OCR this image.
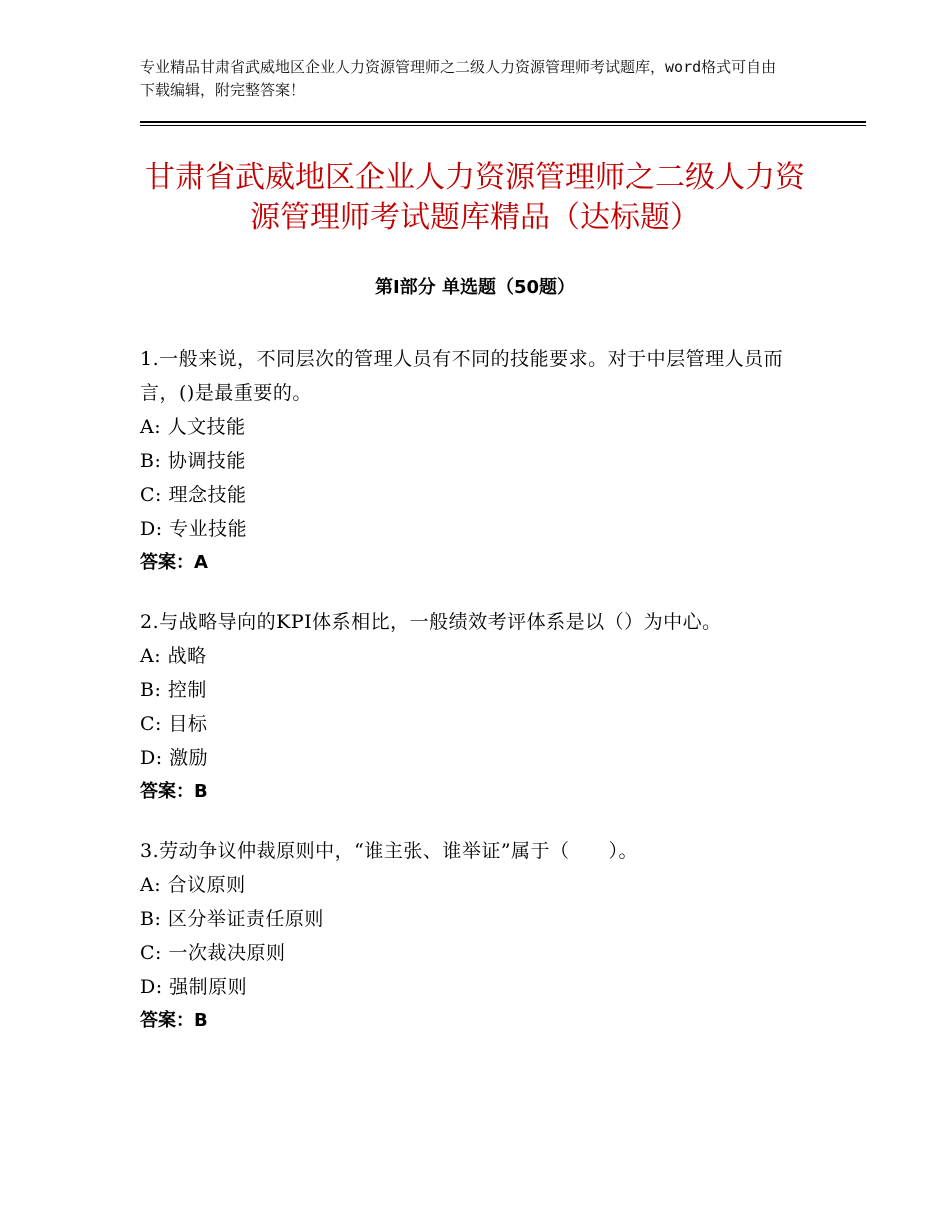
专业精品甘肃省武威地区企业人力资源管理师之二级人力资源管理师考试题库，word格式可自由下载编辑，附完整答案！
甘肃省武威地区企业人力资源管理师之二级人力资源管理师考试题库精品（达标题）
第Ⅰ部分 单选题（50题）
1.一般来说，不同层次的管理人员有不同的技能要求。对于中层管理人员而言，()是最重要的。
A: 人文技能
B: 协调技能
C: 理念技能
D: 专业技能
答案：A
2.与战略导向的KPI体系相比，一般绩效考评体系是以（）为中心。
A: 战略
B: 控制
C: 目标
D: 激励
答案：B
3.劳动争议仲裁原则中，“谁主张、谁举证”属于（　　）。
A: 合议原则
B: 区分举证责任原则
C: 一次裁决原则
D: 强制原则
答案：B
